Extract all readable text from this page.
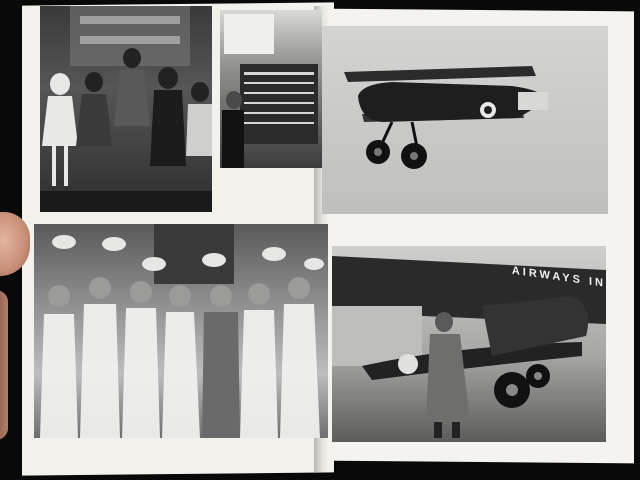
AIRWAYS IN
